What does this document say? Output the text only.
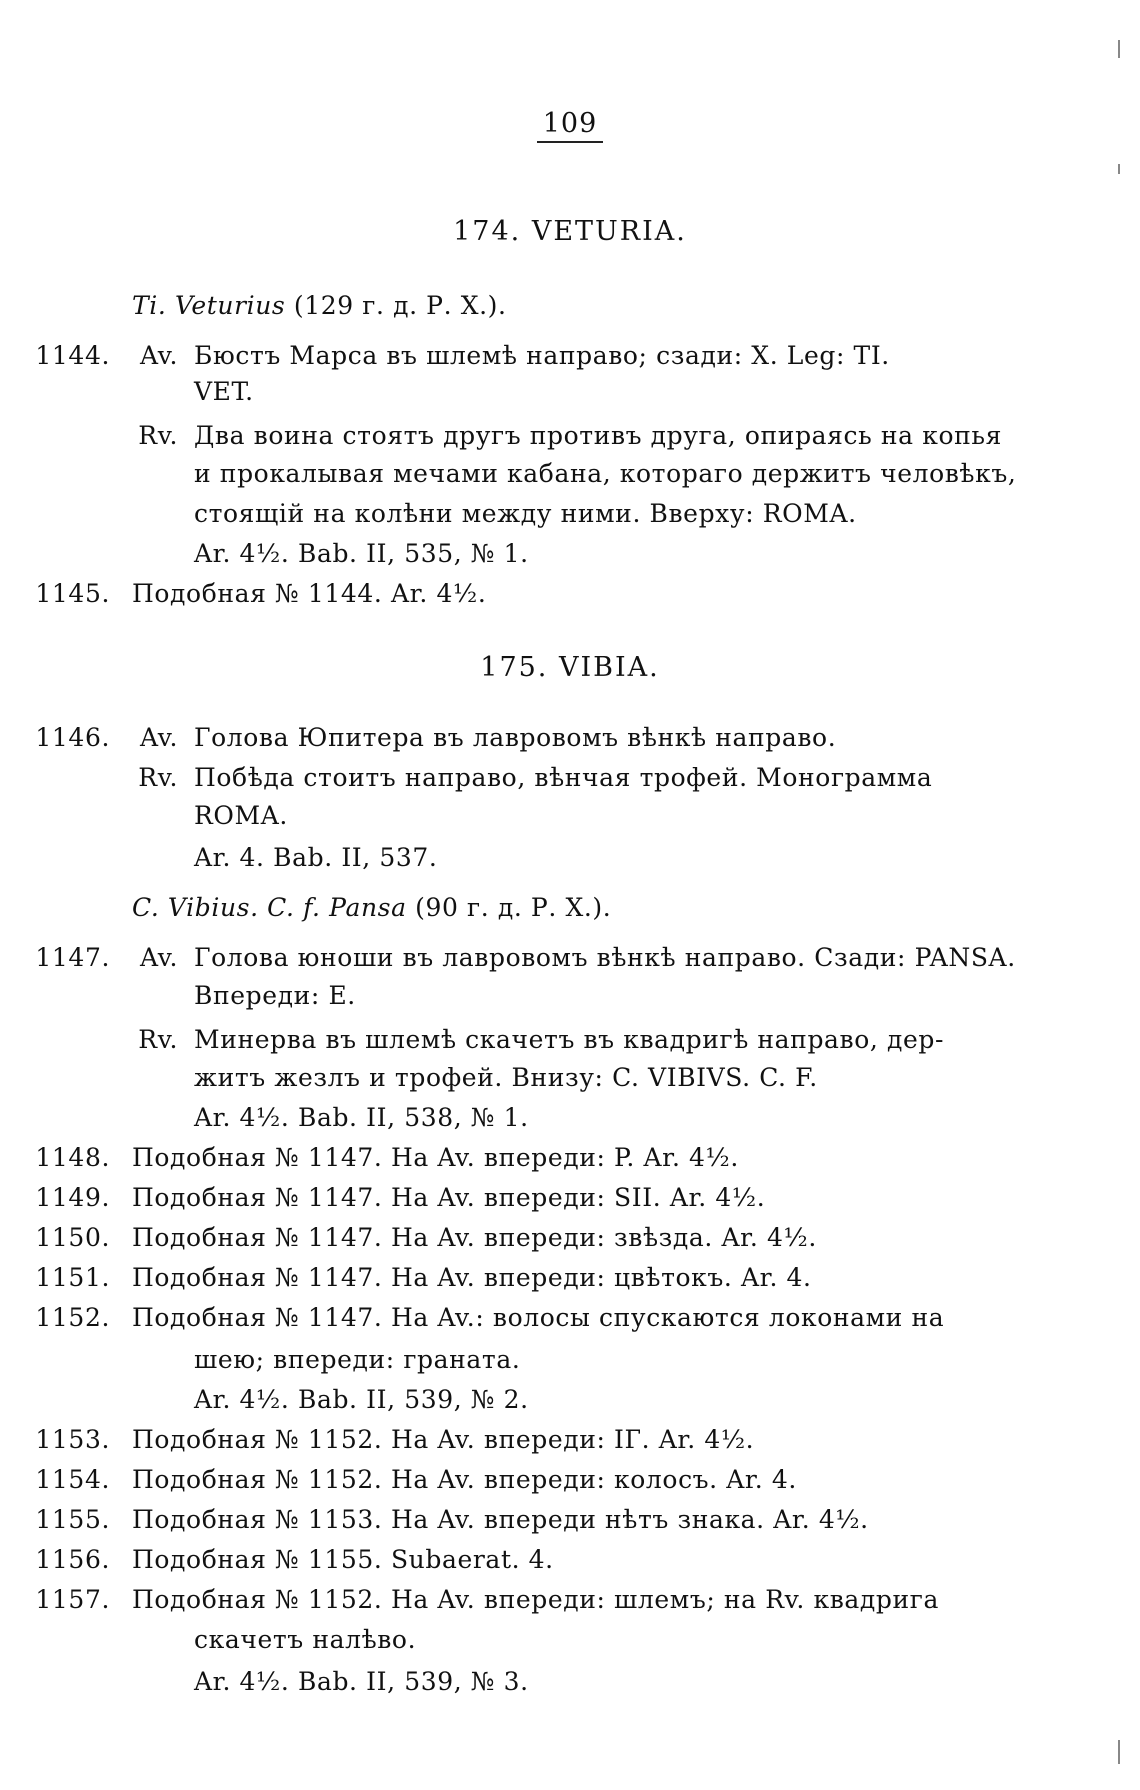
109
174. VETURIA.
Ti. Veturius (129 г. д. Р. X.).
1144.	Av. Бюстъ Марса въ шлемѣ направо; сзади: X. Leg: TI.
VET.
Rv. Два воина стоятъ другъ противъ друга, опираясь на копья
и прокалывая мечами кабана, котораго держитъ человѣкъ,
стоящій на колѣни между ними. Вверху: ROMA.
Ar. 4½. Bab. II, 535, № 1.
1145. Подобная № 1144. Ar. 4½.
175. VIBIA.
1146.	Av. Голова Юпитера въ лавровомъ вѣнкѣ направо.
Rv. Побѣда стоитъ направо, вѣнчая трофей. Монограмма
ROMA.
Ar. 4. Bab. II, 537.
C. Vibius. C. f. Pansa (90 г. д. Р. X.).
1147.	Av. Голова юноши въ лавровомъ вѣнкѣ направо. Сзади: PANSA.
Впереди: E.
Rv. Минерва въ шлемѣ скачетъ въ квадригѣ направо, дер-
житъ жезлъ и трофей. Внизу: C. VIBIVS. C. F.
Ar. 4½. Bab. II, 538, № 1.
1148. Подобная № 1147. На Av. впереди: P. Ar. 4½.
1149. Подобная № 1147. На Av. впереди: SII. Ar. 4½.
1150. Подобная № 1147. На Av. впереди: звѣзда. Ar. 4½.
1151. Подобная № 1147. На Av. впереди: цвѣтокъ. Ar. 4.
1152. Подобная № 1147. На Av.: волосы спускаются локонами на
шею; впереди: граната.
Ar. 4½. Bab. II, 539, № 2.
1153. Подобная № 1152. На Av. впереди: IГ. Ar. 4½.
1154. Подобная № 1152. На Av. впереди: колосъ. Ar. 4.
1155. Подобная № 1153. На Av. впереди нѣтъ знака. Ar. 4½.
1156. Подобная № 1155. Subaerat. 4.
1157. Подобная № 1152. На Av. впереди: шлемъ; на Rv. квадрига
скачетъ налѣво.
Ar. 4½. Bab. II, 539, № 3.
